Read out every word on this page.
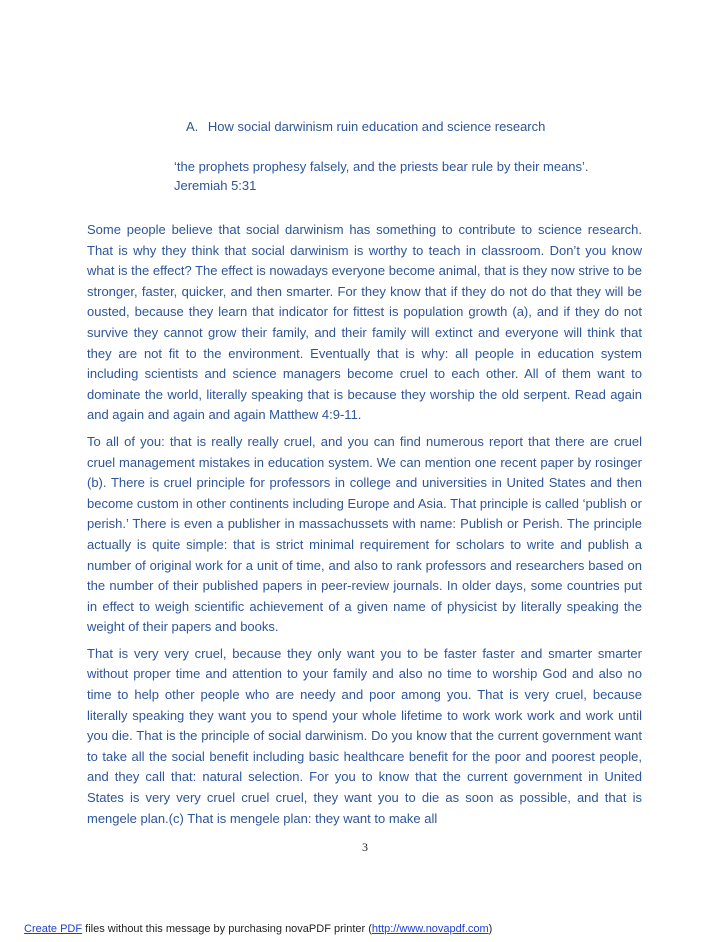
A. How social darwinism ruin education and science research
‘the prophets prophesy falsely, and the priests bear rule by their means’.
Jeremiah 5:31

Some people believe that social darwinism has something to contribute to science research. That is why they think that social darwinism is worthy to teach in classroom. Don’t you know what is the effect? The effect is nowadays everyone become animal, that is they now strive to be stronger, faster, quicker, and then smarter. For they know that if they do not do that they will be ousted, because they learn that indicator for fittest is population growth (a), and if they do not survive they cannot grow their family, and their family will extinct and everyone will think that they are not fit to the environment. Eventually that is why: all people in education system including scientists and science managers become cruel to each other. All of them want to dominate the world, literally speaking that is because they worship the old serpent. Read again and again and again and again Matthew 4:9-11.

To all of you: that is really really cruel, and you can find numerous report that there are cruel cruel management mistakes in education system. We can mention one recent paper by rosinger (b). There is cruel principle for professors in college and universities in United States and then become custom in other continents including Europe and Asia. That principle is called ‘publish or perish.’ There is even a publisher in massachussets with name: Publish or Perish. The principle actually is quite simple: that is strict minimal requirement for scholars to write and publish a number of original work for a unit of time, and also to rank professors and researchers based on the number of their published papers in peer-review journals. In older days, some countries put in effect to weigh scientific achievement of a given name of physicist by literally speaking the weight of their papers and books.

That is very very cruel, because they only want you to be faster faster and smarter smarter without proper time and attention to your family and also no time to worship God and also no time to help other people who are needy and poor among you. That is very cruel, because literally speaking they want you to spend your whole lifetime to work work work and work until you die. That is the principle of social darwinism. Do you know that the current government want to take all the social benefit including basic healthcare benefit for the poor and poorest people, and they call that: natural selection. For you to know that the current government in United States is very very cruel cruel cruel, they want you to die as soon as possible, and that is mengele plan.(c) That is mengele plan: they want to make all

3
Create PDF files without this message by purchasing novaPDF printer (http://www.novapdf.com)
